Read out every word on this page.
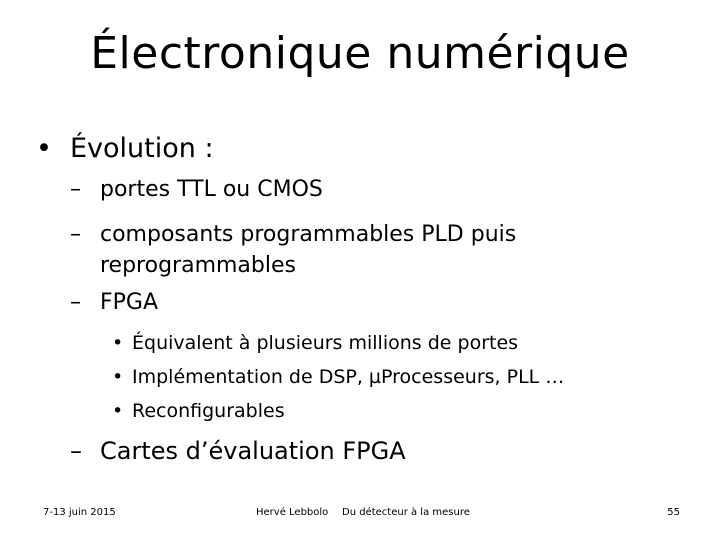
Électronique numérique
• Évolution :
– portes TTL ou CMOS
– composants programmables PLD puis
reprogrammables
– FPGA
• Équivalent à plusieurs millions de portes
• Implémentation de DSP, µProcesseurs, PLL …
• Reconfigurables
– Cartes d’évaluation FPGA
7-13 juin 2015	Hervé Lebbolo Du détecteur à la mesure	55
